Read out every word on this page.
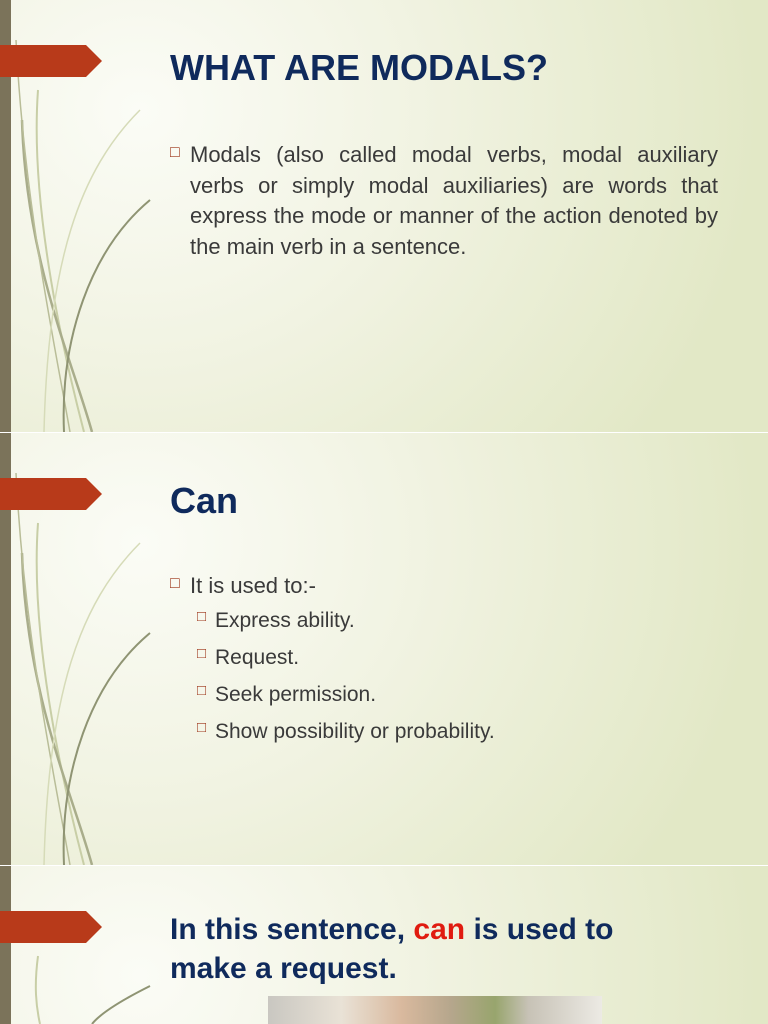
WHAT ARE MODALS?
□ Modals (also called modal verbs, modal auxiliary verbs or simply modal auxiliaries) are words that express the mode or manner of the action denoted by the main verb in a sentence.
Can
□ It is used to:-
□ Express ability.
□ Request.
□ Seek permission.
□ Show possibility or probability.
In this sentence, can is used to make a request.
